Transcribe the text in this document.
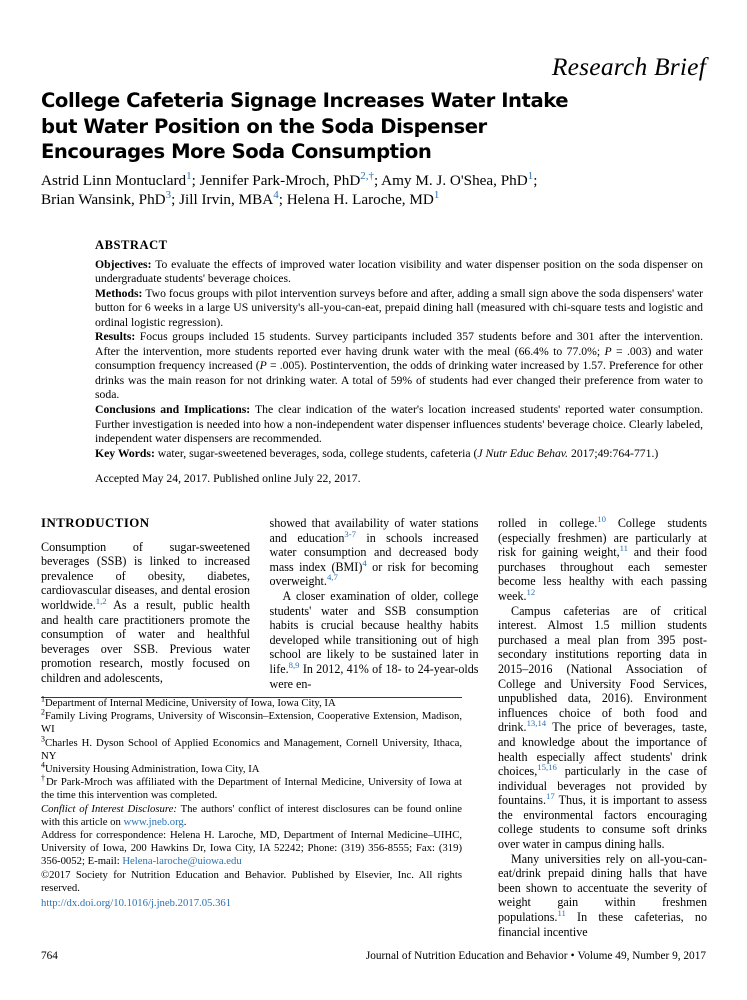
Research Brief
College Cafeteria Signage Increases Water Intake
but Water Position on the Soda Dispenser
Encourages More Soda Consumption
Astrid Linn Montuclard$^1$; Jennifer Park-Mroch, PhD$^{2,\dagger}$; Amy M. J. O'Shea, PhD$^1$;
Brian Wansink, PhD$^3$; Jill Irvin, MBA$^4$; Helena H. Laroche, $MD^1$
ABSTRACT

Objectives: To evaluate the effects of improved water location visibility and water dispenser position on the soda dispenser on undergraduate students' beverage choices.

Methods: Two focus groups with pilot intervention surveys before and after, adding a small sign above the soda dispensers' water button for 6 weeks in a large US university's all-you-can-eat, prepaid dining hall (measured with chi-square tests and logistic and ordinal logistic regression).

Results: Focus groups included 15 students. Survey participants included 357 students before and 301 after the intervention. After the intervention, more students reported ever having drunk water with the meal (66.4% to 77.0%; P = .003) and water consumption frequency increased (P = .005). Postintervention, the odds of drinking water increased by 1.57. Preference for other drinks was the main reason for not drinking water. A total of 59% of students had ever changed their preference from water to soda.

Conclusions and Implications: The clear indication of the water's location increased students' reported water consumption. Further investigation is needed into how a non-independent water dispenser influences students' beverage choice. Clearly labeled, independent water dispensers are recommended.

Key Words: water, sugar-sweetened beverages, soda, college students, cafeteria (J Nutr Educ Behav. 2017;49:764-771.)

Accepted May 24, 2017. Published online July 22, 2017.

INTRODUCTION

Consumption of sugar-sweetened beverages (SSB) is linked to increased prevalence of obesity, diabetes, cardiovascular diseases, and dental erosion worldwide.$^{1,2}$ As a result, public health and health care practitioners promote the consumption of water and healthful beverages over SSB. Previous water promotion research, mostly focused on children and adolescents,

showed that availability of water stations and education$^{3-7}$ in schools increased water consumption and decreased body mass index (BMI)$^4$ or risk for becoming overweight.$^{4,7}$

A closer examination of older, college students' water and SSB consumption habits is crucial because healthy habits developed while transitioning out of high school are likely to be sustained later in life.$^{8,9}$ In 2012, 41% of 18- to 24-year-olds were en-

rolled in college.$^{10}$ College students (especially freshmen) are particularly at risk for gaining weight,$^{11}$ and their food purchases throughout each semester become less healthy with each passing week.$^{12}$

Campus cafeterias are of critical interest. Almost 1.5 million students purchased a meal plan from 395 post-secondary institutions reporting data in 2015–2016 (National Association of College and University Food Services, unpublished data, 2016). Environment influences choice of both food and drink.$^{13,14}$ The price of beverages, taste, and knowledge about the importance of health especially affect students' drink choices,$^{15,16}$ particularly in the case of individual beverages not provided by fountains.$^{17}$ Thus, it is important to assess the environmental factors encouraging college students to consume soft drinks over water in campus dining halls.

Many universities rely on all-you-can-eat/drink prepaid dining halls that have been shown to accentuate the severity of weight gain within freshmen populations.$^{11}$ In these cafeterias, no financial incentive

$^1$Department of Internal Medicine, University of Iowa, Iowa City, IA

$^2$Family Living Programs, University of Wisconsin–Extension, Cooperative Extension, Madison, WI

$^3$Charles H. Dyson School of Applied Economics and Management, Cornell University, Ithaca, NY

$^4$University Housing Administration, Iowa City, IA

†Dr Park-Mroch was affiliated with the Department of Internal Medicine, University of Iowa at the time this intervention was completed.

Conflict of Interest Disclosure: The authors' conflict of interest disclosures can be found online with this article on www.jneb.org.

Address for correspondence: Helena H. Laroche, MD, Department of Internal Medicine–UIHC, University of Iowa, 200 Hawkins Dr, Iowa City, IA 52242; Phone: (319) 356-8555; Fax: (319) 356-0052; E-mail: Helena-laroche@uiowa.edu

©2017 Society for Nutrition Education and Behavior. Published by Elsevier, Inc. All rights reserved.

http://dx.doi.org/10.1016/j.jneb.2017.05.361

764	Journal of Nutrition Education and Behavior • Volume 49, Number 9, 2017
